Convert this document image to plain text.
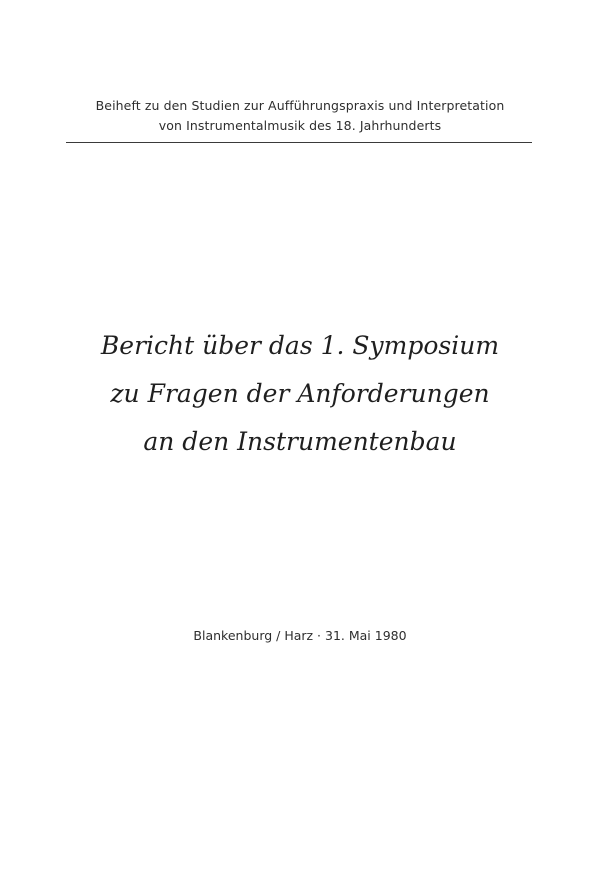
Beiheft zu den Studien zur Aufführungspraxis und Interpretation
von Instrumentalmusik des 18. Jahrhunderts
Bericht über das 1. Symposium
zu Fragen der Anforderungen
an den Instrumentenbau
Blankenburg / Harz · 31. Mai 1980
